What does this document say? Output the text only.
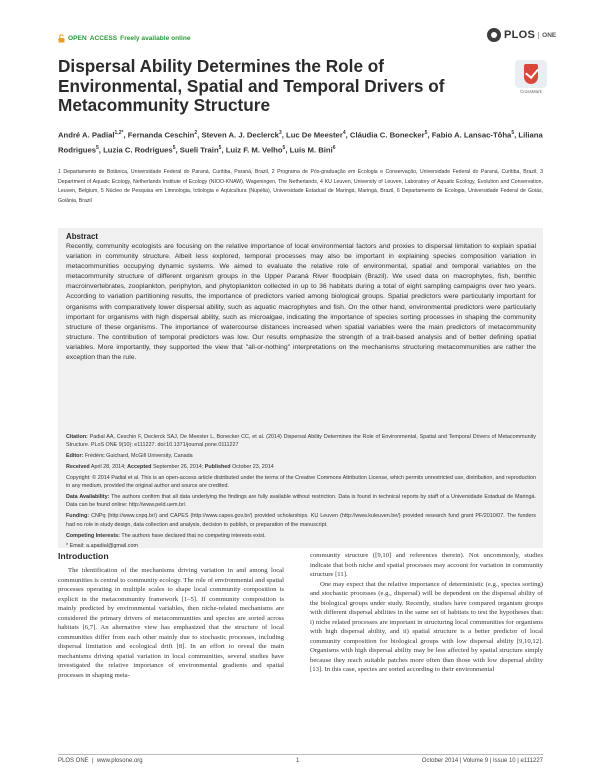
OPEN ACCESS Freely available online	PLOS	ONE
Dispersal Ability Determines the Role of Environmental, Spatial and Temporal Drivers of Metacommunity Structure
CrossMark
André A. Padial$^{1,2*}$, Fernanda Ceschin$^2$, Steven A. J. Declerck$^3$, Luc De Meester$^4$, Cláudia C. Bonecker$^5$, Fabio A. Lansac-Tôha$^5$, Liliana Rodrigues$^5$, Luzia C. Rodrigues$^5$, Sueli Train$^5$, Luiz F. M. Velho$^5$, Luis M. Bini$^6$
1 Departamento de Botânica, Universidade Federal do Paraná, Curitiba, Paraná, Brazil, 2 Programa de Pós-graduação em Ecologia e Conservação, Universidade Federal do Paraná, Curitiba, Brazil, 3 Department of Aquatic Ecology, Netherlands Institute of Ecology (NIOO-KNAW), Wageningen, The Netherlands, 4 KU Leuven, University of Leuven, Laboratory of Aquatic Ecology, Evolution and Conservation, Leuven, Belgium, 5 Núcleo de Pesquisa em Limnologia, Ictiologia e Aqüicultura (Nupélia), Universidade Estadual de Maringá, Maringá, Brazil, 6 Departamento de Ecologia, Universidade Federal de Goiás, Goiânia, Brazil
Abstract
Recently, community ecologists are focusing on the relative importance of local environmental factors and proxies to dispersal limitation to explain spatial variation in community structure. Albeit less explored, temporal processes may also be important in explaining species composition variation in metacommunities occupying dynamic systems. We aimed to evaluate the relative role of environmental, spatial and temporal variables on the metacommunity structure of different organism groups in the Upper Paraná River floodplain (Brazil). We used data on macrophytes, fish, benthic macroinvertebrates, zooplankton, periphyton, and phytoplankton collected in up to 36 habitats during a total of eight sampling campaigns over two years. According to variation partitioning results, the importance of predictors varied among biological groups. Spatial predictors were particularly important for organisms with comparatively lower dispersal ability, such as aquatic macrophytes and fish. On the other hand, environmental predictors were particularly important for organisms with high dispersal ability, such as microalgae, indicating the importance of species sorting processes in shaping the community structure of these organisms. The importance of watercourse distances increased when spatial variables were the main predictors of metacommunity structure. The contribution of temporal predictors was low. Our results emphasize the strength of a trait-based analysis and of better defining spatial variables. More importantly, they supported the view that "all-or-nothing" interpretations on the mechanisms structuring metacommunities are rather the exception than the rule.
Citation: Padial AA, Ceschin F, Declerck SAJ, De Meester L, Bonecker CC, et al. (2014) Dispersal Ability Determines the Role of Environmental, Spatial and Temporal Drivers of Metacommunity Structure. PLoS ONE 9(10): e111227. doi:10.1371/journal.pone.0111227
Editor: Frédéric Guichard, McGill University, Canada
Received April 28, 2014; Accepted September 26, 2014; Published October 23, 2014
Copyright: © 2014 Padial et al. This is an open-access article distributed under the terms of the Creative Commons Attribution License, which permits unrestricted use, distribution, and reproduction in any medium, provided the original author and source are credited.
Data Availability: The authors confirm that all data underlying the findings are fully available without restriction. Data is found in technical reports by staff of a Universidade Estadual de Maringá. Data can be found online: http://www.peld.uem.br/.
Funding: CNPq (http://www.cnpq.br/) and CAPES (http://www.capes.gov.br/) provided scholarships. KU Leuven (http://www.kuleuven.be/) provided research fund grant PF/2010/07. The funders had no role in study design, data collection and analysis, decision to publish, or preparation of the manuscript.
Competing Interests: The authors have declared that no competing interests exist.
* Email: a.apadial@gmail.com
Introduction

The identification of the mechanisms driving variation in and among local communities is central to community ecology. The role of environmental and spatial processes operating in multiple scales to shape local community composition is explicit in the metacommunity framework [1–5]. If community composition is mainly predicted by environmental variables, then niche-related mechanisms are considered the primary drivers of metacommunities and species are sorted across habitats [6,7]. An alternative view has emphasized that the structure of local communities differ from each other mainly due to stochastic processes, including dispersal limitation and ecological drift [8]. In an effort to reveal the main mechanisms driving spatial variation in local communities, several studies have investigated the relative importance of environmental gradients and spatial processes in shaping meta-

community structure ([9,10] and references therein). Not uncommonly, studies indicate that both niche and spatial processes may account for variation in community structure [11].

One may expect that the relative importance of deterministic (e.g., species sorting) and stochastic processes (e.g., dispersal) will be dependent on the dispersal ability of the biological groups under study. Recently, studies have compared organism groups with different dispersal abilities in the same set of habitats to test the hypotheses that: i) niche related processes are important in structuring local communities for organisms with high dispersal ability, and ii) spatial structure is a better predictor of local community composition for biological groups with low dispersal ability [9,10,12]. Organisms with high dispersal ability may be less affected by spatial structure simply because they reach suitable patches more often than those with low dispersal ability [13]. In this case, species are sorted according to their environmental

PLOS ONE  |  www.plosone.org	1	October 2014 | Volume 9 | Issue 10 | e111227
